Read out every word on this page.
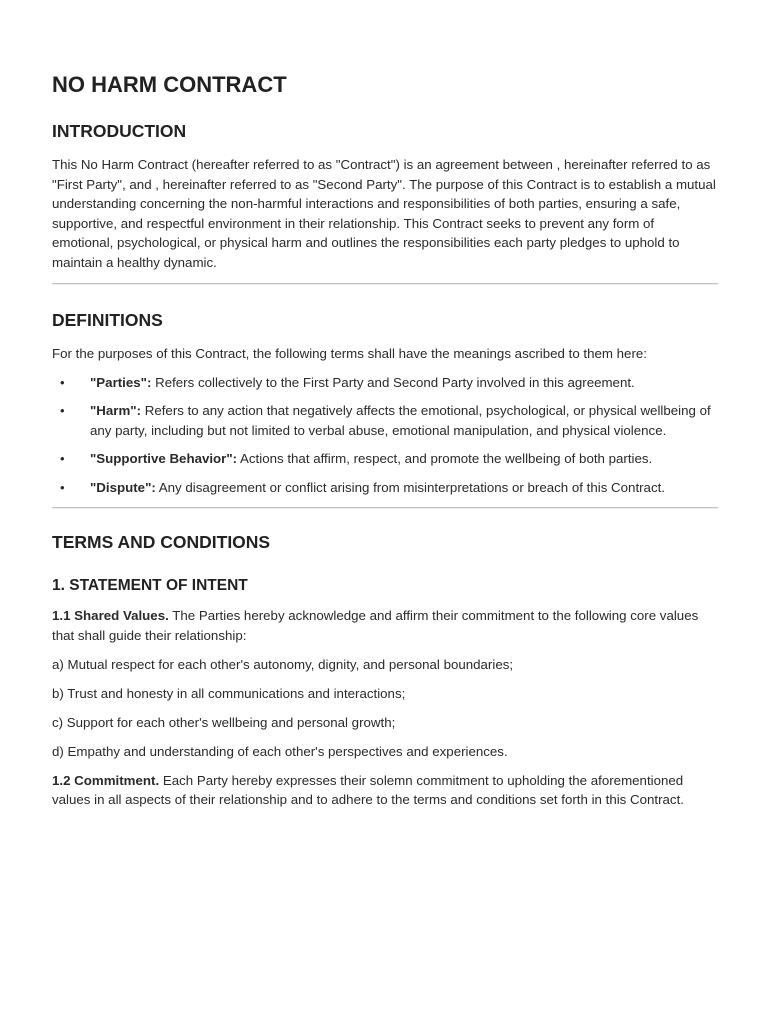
NO HARM CONTRACT
INTRODUCTION

This No Harm Contract (hereafter referred to as "Contract") is an agreement between , hereinafter referred to as "First Party", and , hereinafter referred to as "Second Party". The purpose of this Contract is to establish a mutual understanding concerning the non-harmful interactions and responsibilities of both parties, ensuring a safe, supportive, and respectful environment in their relationship. This Contract seeks to prevent any form of emotional, psychological, or physical harm and outlines the responsibilities each party pledges to uphold to maintain a healthy dynamic.

DEFINITIONS

For the purposes of this Contract, the following terms shall have the meanings ascribed to them here:

• "Parties": Refers collectively to the First Party and Second Party involved in this agreement.
• "Harm": Refers to any action that negatively affects the emotional, psychological, or physical wellbeing of any party, including but not limited to verbal abuse, emotional manipulation, and physical violence.
• "Supportive Behavior": Actions that affirm, respect, and promote the wellbeing of both parties.
• "Dispute": Any disagreement or conflict arising from misinterpretations or breach of this Contract.
TERMS AND CONDITIONS
1. STATEMENT OF INTENT

1.1 Shared Values. The Parties hereby acknowledge and affirm their commitment to the following core values that shall guide their relationship:

a) Mutual respect for each other's autonomy, dignity, and personal boundaries;

b) Trust and honesty in all communications and interactions;

c) Support for each other's wellbeing and personal growth;

d) Empathy and understanding of each other's perspectives and experiences.

1.2 Commitment. Each Party hereby expresses their solemn commitment to upholding the aforementioned values in all aspects of their relationship and to adhere to the terms and conditions set forth in this Contract.
